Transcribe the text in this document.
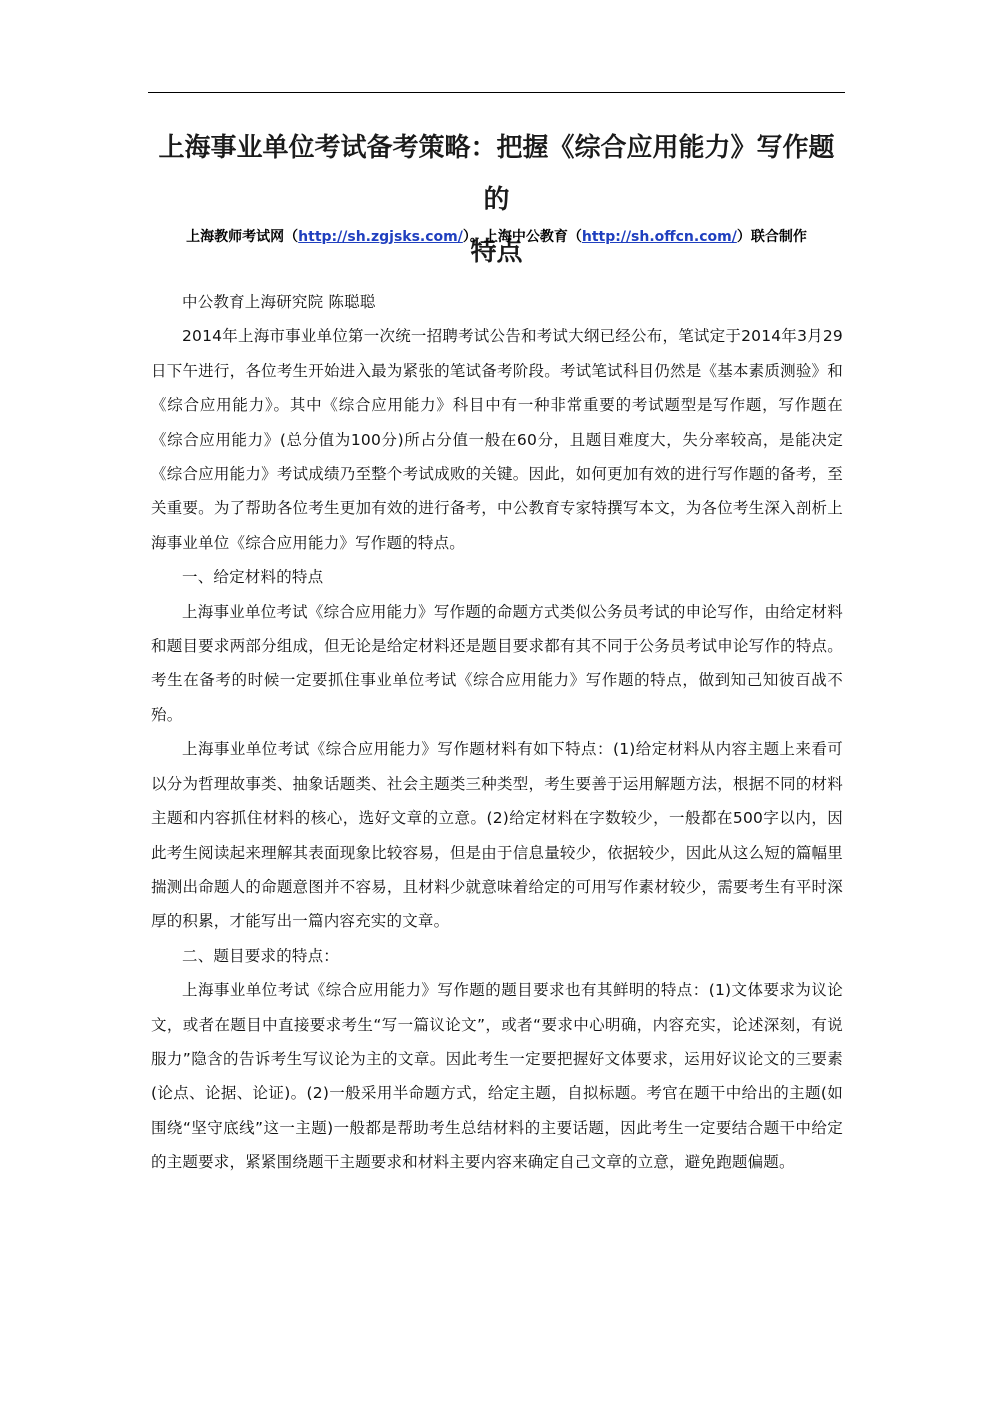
上海事业单位考试备考策略：把握《综合应用能力》写作题的
特点
上海教师考试网（http://sh.zgjsks.com/）。上海中公教育（http://sh.offcn.com/）联合制作

中公教育上海研究院 陈聪聪

2014年上海市事业单位第一次统一招聘考试公告和考试大纲已经公布，笔试定于2014年3月29日下午进行，各位考生开始进入最为紧张的笔试备考阶段。考试笔试科目仍然是《基本素质测验》和《综合应用能力》。其中《综合应用能力》科目中有一种非常重要的考试题型是写作题，写作题在《综合应用能力》(总分值为100分)所占分值一般在60分，且题目难度大，失分率较高，是能决定《综合应用能力》考试成绩乃至整个考试成败的关键。因此，如何更加有效的进行写作题的备考，至关重要。为了帮助各位考生更加有效的进行备考，中公教育专家特撰写本文，为各位考生深入剖析上海事业单位《综合应用能力》写作题的特点。

一、给定材料的特点

上海事业单位考试《综合应用能力》写作题的命题方式类似公务员考试的申论写作，由给定材料和题目要求两部分组成，但无论是给定材料还是题目要求都有其不同于公务员考试申论写作的特点。考生在备考的时候一定要抓住事业单位考试《综合应用能力》写作题的特点，做到知己知彼百战不殆。

上海事业单位考试《综合应用能力》写作题材料有如下特点：(1)给定材料从内容主题上来看可以分为哲理故事类、抽象话题类、社会主题类三种类型，考生要善于运用解题方法，根据不同的材料主题和内容抓住材料的核心，选好文章的立意。(2)给定材料在字数较少，一般都在500字以内，因此考生阅读起来理解其表面现象比较容易，但是由于信息量较少，依据较少，因此从这么短的篇幅里揣测出命题人的命题意图并不容易，且材料少就意味着给定的可用写作素材较少，需要考生有平时深厚的积累，才能写出一篇内容充实的文章。

二、题目要求的特点：

上海事业单位考试《综合应用能力》写作题的题目要求也有其鲜明的特点：(1)文体要求为议论文，或者在题目中直接要求考生“写一篇议论文”，或者“要求中心明确，内容充实，论述深刻，有说服力”隐含的告诉考生写议论为主的文章。因此考生一定要把握好文体要求，运用好议论文的三要素(论点、论据、论证)。(2)一般采用半命题方式，给定主题，自拟标题。考官在题干中给出的主题(如围绕“坚守底线”这一主题)一般都是帮助考生总结材料的主要话题，因此考生一定要结合题干中给定的主题要求，紧紧围绕题干主题要求和材料主要内容来确定自己文章的立意，避免跑题偏题。
